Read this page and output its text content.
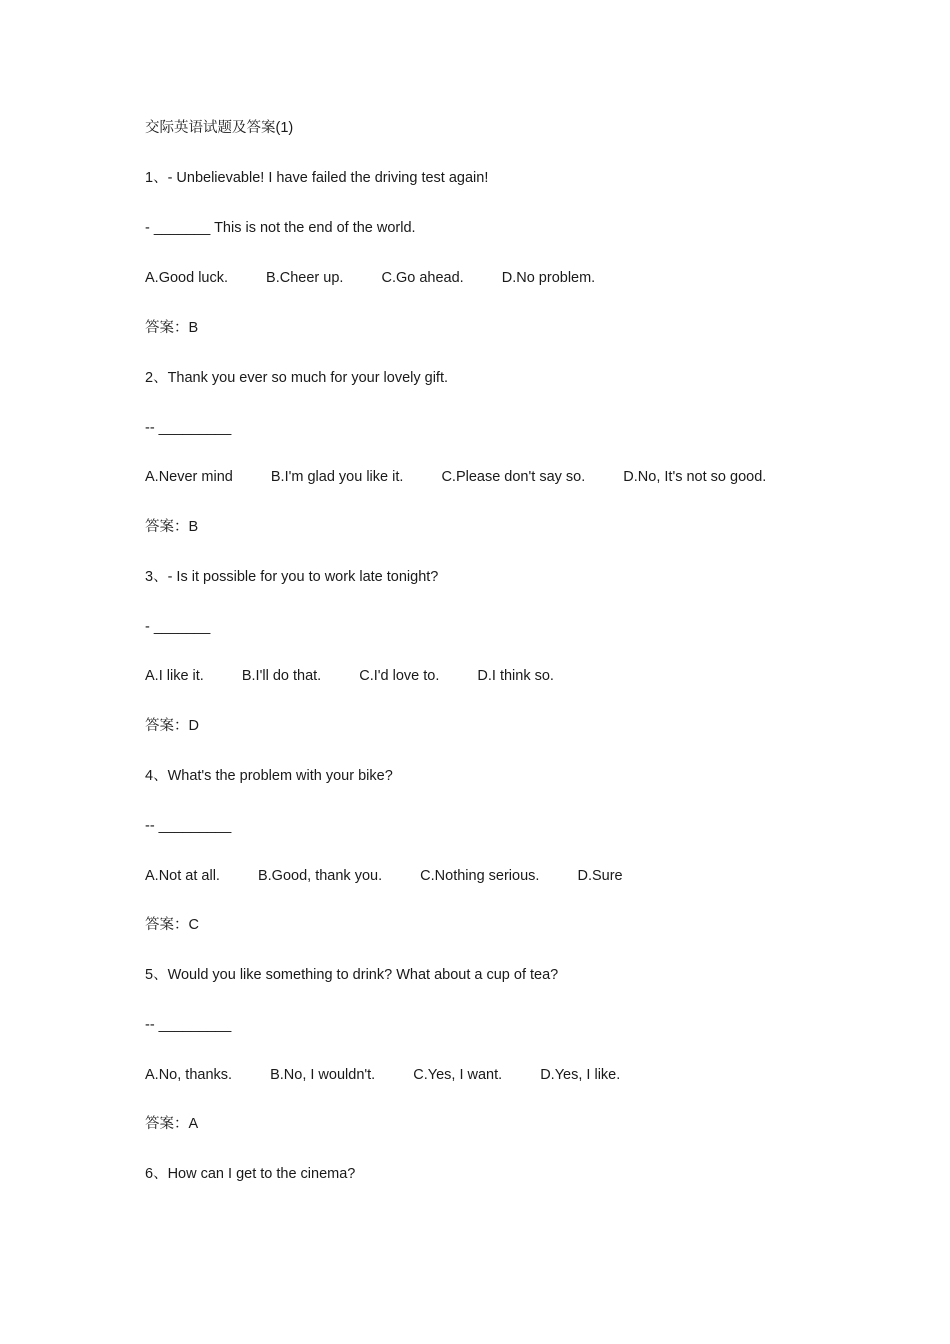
交际英语试题及答案(1)
1、- Unbelievable! I have failed the driving test again!
- _______ This is not the end of the world.
A.Good luck.	B.Cheer up.	C.Go ahead.	D.No problem.
答案：B
2、Thank you ever so much for your lovely gift.
-- _________
A.Never mind	B.I'm glad you like it.	C.Please don't say so.	D.No, It's not so good.
答案：B
3、- Is it possible for you to work late tonight?
- _______
A.I like it.	B.I'll do that.	C.I'd love to.	D.I think so.
答案：D
4、What's the problem with your bike?
-- _________
A.Not at all.	B.Good, thank you.	C.Nothing serious.	D.Sure
答案：C
5、Would you like something to drink? What about a cup of tea?
-- _________
A.No, thanks.	B.No, I wouldn't.	C.Yes, I want.	D.Yes, I like.
答案：A
6、How can I get to the cinema?
